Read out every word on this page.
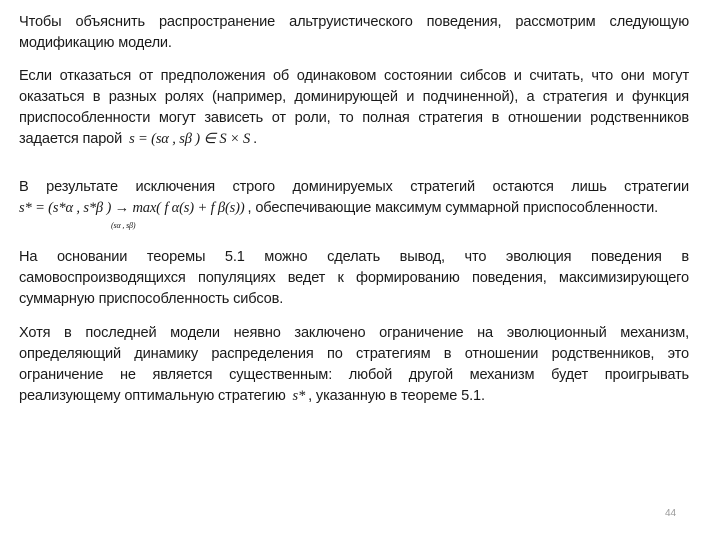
Чтобы объяснить распространение альтруистического поведения, рассмотрим следующую
модификацию модели.
Если отказаться от предположения об одинаковом состоянии сибсов и считать, что они могут
оказаться в разных ролях (например, доминирующей и подчиненной), а стратегия и функция
приспособленности могут зависеть от роли, то полная стратегия в отношении родственников
задается парой s = (sα , sβ ) ∈ S × S .
В результате исключения строго доминируемых стратегий остаются лишь стратегии
s* = (s*α , s*β ) → max( f α(s) + f β(s))
(sα , sβ)
, обеспечивающие максимум суммарной приспособленности.
На основании теоремы 5.1 можно сделать вывод, что эволюция поведения в
самовоспроизводящихся популяциях ведет к формированию поведения, максимизирующего
суммарную приспособленность сибсов.
Хотя в последней модели неявно заключено ограничение на эволюционный механизм,
определяющий динамику распределения по стратегиям в отношении родственников, это
ограничение не является существенным: любой другой механизм будет проигрывать
реализующему оптимальную стратегию s* , указанную в теореме 5.1.
44
